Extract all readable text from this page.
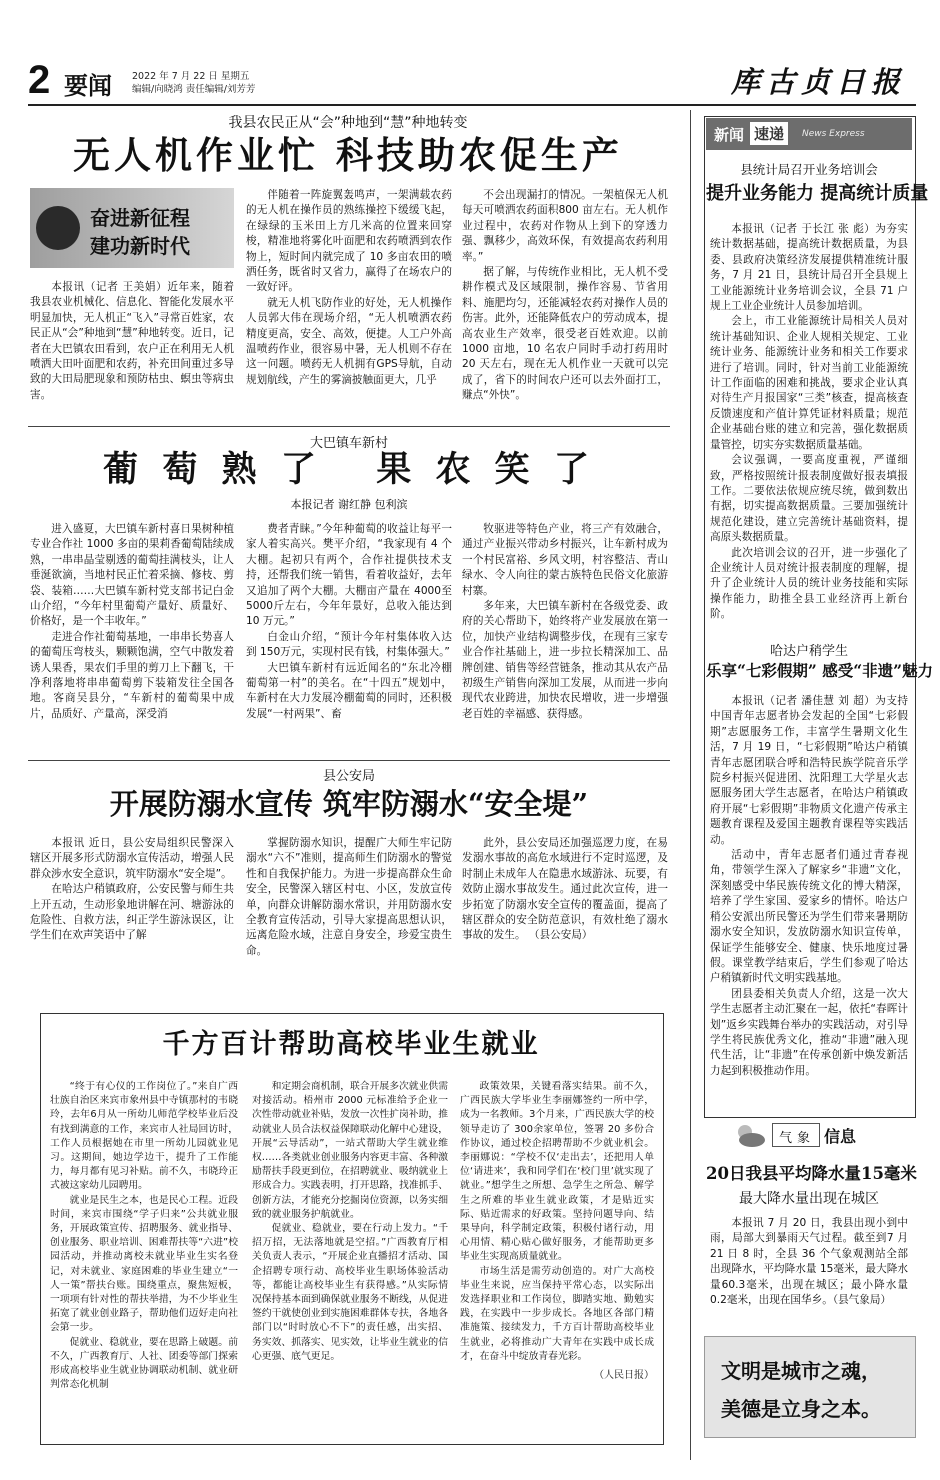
2 要闻 2022 年 7 月 22 日 星期五
编辑/向晓鸿 责任编辑/刘芳芳	库古贞日报
我县农民正从“会”种地到“慧”种地转变
无人机作业忙 科技助农促生产
奋进新征程
建功新时代

本报讯（记者 王美娟）近年来，随着我县农业机械化、信息化、智能化发展水平明显加快，无人机正“飞入”寻常百姓家，农民正从“会”种地到“慧”种地转变。近日，记者在大巴镇农田看到，农户正在利用无人机喷洒大田叶面肥和农药，补充田间重过多导致的大田局肥现象和预防枯虫、螟虫等病虫害。

伴随着一阵旋翼轰鸣声，一架满载农药的无人机在操作员的熟练操控下缓缓飞起，在绿绿的玉米田上方几米高的位置来回穿梭，精准地将雾化叶面肥和农药喷洒到农作物上，短时间内就完成了 10 多亩农田的喷洒任务，既省时又省力，赢得了在场农户的一致好评。

就无人机飞防作业的好处，无人机操作人员郭大伟在现场介绍，“无人机喷洒农药精度更高，安全、高效，便捷。人工户外高温喷药作业，很容易中暑，无人机则不存在这一问题。喷药无人机拥有GPS导航，自动规划航线，产生的雾滴披触面更大，几乎

不会出现漏打的情况。一架植保无人机每天可喷洒农药面积800 亩左右。无人机作业过程中，农药对作物从上到下的穿透力强、飘移少，高效环保，有效提高农药利用率。”

据了解，与传统作业相比，无人机不受耕作模式及区域限制，操作容易、节省用料、施肥均匀，还能减轻农药对操作人员的伤害。此外，还能降低农户的劳动成本，提高农业生产效率，很受老百姓欢迎。以前 1000 亩地，10 名农户同时手动打药用时 20 天左右，现在无人机作业一天就可以完成了，省下的时间农户还可以去外面打工，赚点“外快”。

大巴镇车新村
葡 萄 熟 了   果 农 笑 了
本报记者 谢红静 包利滨

进入盛夏，大巴镇车新村喜日果树种植专业合作社 1000 多亩的果莉香葡萄陆续成熟，一串串晶莹剔透的葡萄挂满枝头，让人垂涎欲滴，当地村民正忙着采摘、修枝、剪袋、装箱……大巴镇车新村党支部书记白金山介绍，“今年村里葡萄产量好、质量好、价格好，是一个丰收年。”

走进合作社葡萄基地，一串串长势喜人的葡萄压弯枝头，颗颗饱满，空气中散发着诱人果香，果农们手里的剪刀上下翻飞，干净利落地将串串葡萄剪下装箱发往全国各地。客商吴县分，“车新村的葡萄果中成片，品质好、产量高，深受消

费者青睐。”今年种葡萄的收益让每平一家人着实高兴。樊平介绍，“我家现有 4 个大棚。起初只有两个，合作社提供技术支持，还帮我们统一销售，看着收益好，去年又追加了两个大棚。大棚亩产量在 4000至5000斤左右，今年年景好，总收入能达到 10 万元。”

白金山介绍，“预计今年村集体收入达到 150万元，实现村民有钱，村集体强大。”

大巴镇车新村有远近闻名的“东北冷棚葡萄第一村”的美名。在“十四五”规划中，车新村在大力发展冷棚葡萄的同时，还积极发展“一村两果”、畜

牧驱进等特色产业，将三产有效融合，通过产业振兴带动乡村振兴，让车新村成为一个村民富裕、乡风文明，村容整洁、青山绿水、令人向往的蒙古族特色民俗文化旅游村寨。

多年来，大巴镇车新村在各级党委、政府的关心帮助下，始终将产业发展放在第一位，加快产业结构调整步伐，在现有三家专业合作社基础上，进一步拉长精深加工、品牌创建、销售等经营链条，推动其从农产品初级生产销售向深加工发展，从而进一步向现代农业跨进，加快农民增收，进一步增强老百姓的幸福感、获得感。

县公安局
开展防溺水宣传 筑牢防溺水“安全堤”

本报讯 近日，县公安局组织民警深入辖区开展多形式防溺水宣传活动，增强人民群众涉水安全意识，筑牢防溺水“安全堤”。

在哈达户稍镇政府，公安民警与师生共上开五动，生动形象地讲解在河、塘游泳的危险性、自救方法，纠正学生游泳误区，让学生们在欢声笑语中了解

掌握防溺水知识，提醒广大师生牢记防溺水“六不”准则，提高师生们防溺水的警觉性和自我保护能力。为进一步提高群众生命安全，民警深入辖区村屯、小区，发放宣传单，向群众讲解防溺水常识，并用防溺水安全教育宣传活动，引导大家提高思想认识，远离危险水域，注意自身安全，珍爱宝贵生命。

此外，县公安局还加强巡逻力度，在易发溺水事故的高危水域进行不定时巡逻，及时制止未成年人在隐患水域游泳、玩要，有效防止溺水事故发生。通过此次宣传，进一步拓宽了防溺水安全宣传的覆盖面，提高了辖区群众的安全防范意识，有效杜绝了溺水事故的发生。 （县公安局）

千方百计帮助高校毕业生就业

“终于有心仪的工作岗位了。”来自广西壮族自治区来宾市象州县中寺镇那村的韦晓玲，去年6月从一所幼儿师范学校毕业后没有找到满意的工作，来宾市人社局回访时，工作人员根据她在市里一所幼儿园就业见习。这期间，她边学边干，提升了工作能力，每月都有见习补贴。前不久，韦晓玲正式被这家幼儿园聘用。

就业是民生之本，也是民心工程。近段时间，来宾市围绕“学子归来”公共就业服务，开展政策宣传、招聘服务、就业指导、创业服务、职业培训、困难帮扶等“六进”校园活动，并推动离校未就业毕业生实名登记，对未就业、家庭困难的毕业生建立“一人一策”帮扶台账。围绕重点，聚焦短板，一项项有针对性的帮扶举措，为不少毕业生拓宽了就业创业路子，帮助他们迈好走向社会第一步。

促就业、稳就业，要在思路上破题。前不久，广西教育厅、人社、团委等部门探索形成高校毕业生就业协调联动机制、就业研判常态化机制

和定期会商机制，联合开展多次就业供需对接活动。梧州市 2000 元标准给予企业一次性带动就业补贴，发放一次性扩岗补助，推动就业人员合法权益保障联动化解中心建设，开展“云导活动”，一站式帮助大学生就业维权……各类就业创业服务内容更丰富、各种激励帮扶手段更到位，在招聘就业、吸纳就业上形成合力。实践表明，打开思路，找准抓手、创新方法，才能充分挖掘岗位资源，以务实细致的就业服务护航就业。

促就业、稳就业，要在行动上发力。“千招万招，无法落地就是空招。”广西教育厅相关负责人表示，“开展企业直播招才活动、国企招聘专项行动、高校毕业生职场体验活动等，都能让高校毕业生有获得感。”从实际情况保持基本面到确保就业服务不断线，从促进签约干就使创业到实施困难群体专扶，各地各部门以“时时放心不下”的责任感，出实招、务实效、抓落实、见实效，让毕业生就业的信心更强、底气更足。

政策效果，关键看落实结果。前不久，广西民族大学毕业生李丽娜签约一所中学，成为一名教师。3个月来，广西民族大学的校领导走访了 300余家单位，签署 20 多份合作协议，通过校企招聘帮助不少就业机会。李丽娜说：“学校不仅‘走出去’，还把用人单位‘请进来’，我和同学们在‘校门里’就实现了就业。”想学生之所想、急学生之所急、解学生之所难的毕业生就业政策，才是贴近实际、贴近需求的好政策。坚持问题导向、结果导向，科学制定政策，积极付诸行动，用心用情、精心贴心做好服务，才能帮助更多毕业生实现高质量就业。

市场生活是需劳动创造的。对广大高校毕业生来说，应当保持平常心态，以实际出发选择职业和工作岗位，脚踏实地、勤勉实践，在实践中一步步成长。各地区各部门精准施策、接续发力，千方百计帮助高校毕业生就业，必将推动广大青年在实践中成长成才，在奋斗中绽放青春光彩。

（人民日报）
新闻 速递	News Express
县统计局召开业务培训会
提升业务能力 提高统计质量

本报讯（记者 于长江 张 彪）为夯实统计数据基础，提高统计数据质量，为县委、县政府决策经济发展提供精准统计服务，7 月 21 日，县统计局召开全县规上工业能源统计业务培训会议，全县 71 户规上工业企业统计人员参加培训。

会上，市工业能源统计局相关人员对统计基础知识、企业人规相关规定、工业统计业务、能源统计业务和相关工作要求进行了培训。同时，针对当前工业能源统计工作面临的困难和挑战，要求企业认真对待生产月报国家“三类”核查，提高核查反馈速度和产值计算凭证材料质量；规范企业基础台账的建立和完善，强化数据质量管控，切实夯实数据质量基础。

会议强调，一要高度重视，严谨细致，严格按照统计报表制度做好报表填报工作。二要依法依规应统尽统，做到数出有据，切实提高数据质量。三要加强统计规范化建设，建立完善统计基础资料，提高原头数据质量。

此次培训会议的召开，进一步强化了企业统计人员对统计报表制度的理解，提升了企业统计人员的统计业务技能和实际操作能力，助推全县工业经济再上新台阶。

哈达户稍学生
乐享“七彩假期” 感受“非遗”魅力

本报讯（记者 潘佳慧 刘 超）为支持中国青年志愿者协会发起的全国“七彩假期”志愿服务工作，丰富学生暑期文化生活，7 月 19 日，“七彩假期”哈达户稍镇青年志愿团联合呼和浩特民族学院音乐学院乡村振兴促进团、沈阳理工大学星火志愿服务团大学生志愿者，在哈达户稍镇政府开展“七彩假期”非物质文化遗产传承主题教育课程及爱国主题教育课程等实践活动。

活动中，青年志愿者们通过青春视角，带领学生深入了解家乡“非遗”文化，深刻感受中华民族传统文化的博大精深，培养了学生家国、爱家乡的情怀。哈达户稍公安派出所民警还为学生们带来暑期防溺水安全知识，发放防溺水知识宣传单，保证学生能够安全、健康、快乐地度过暑假。课堂教学结束后，学生们参观了哈达户稍镇新时代文明实践基地。

团县委相关负责人介绍，这是一次大学生志愿者主动汇聚在一起，依托“春晖计划”返乡实践舞台举办的实践活动，对引导学生将民族优秀文化，推动“非遗”融入现代生活，让“非遗”在传承创新中焕发新活力起到积极推动作用。

气 象 信息
20日我县平均降水量15毫米
最大降水量出现在城区

本报讯 7 月 20 日，我县出现小到中雨，局部大到暴雨天气过程。截至到7 月 21 日 8 时，全县 36 个气象观测站全部出现降水，平均降水量 15毫米，最大降水量60.3毫米，出现在城区；最小降水量 0.2毫米，出现在国华乡。（县气象局）

文明是城市之魂，
美德是立身之本。
